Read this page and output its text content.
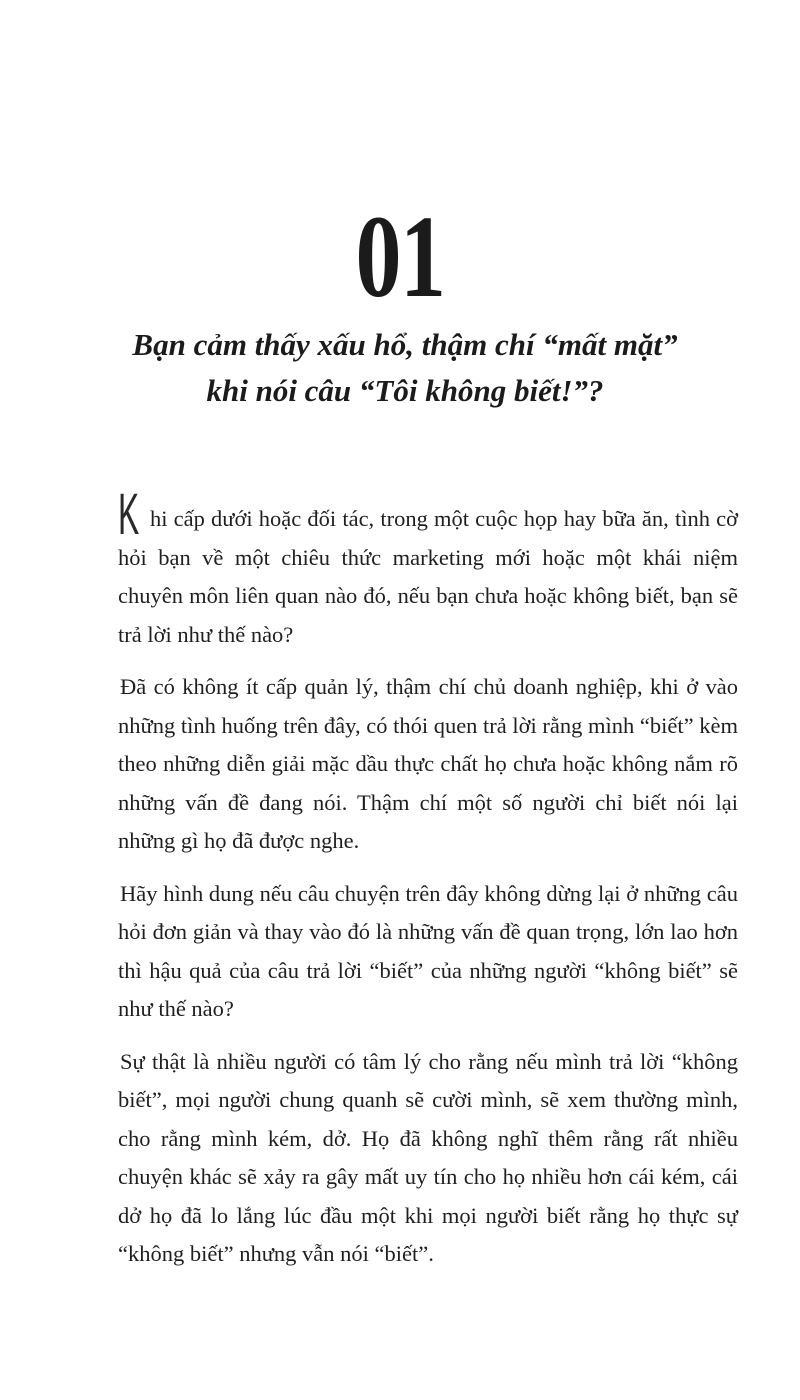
01
Bạn cảm thấy xấu hổ, thậm chí “mất mặt”
khi nói câu “Tôi không biết!”?

Khi cấp dưới hoặc đối tác, trong một cuộc họp hay bữa ăn, tình cờ hỏi bạn về một chiêu thức marketing mới hoặc một khái niệm chuyên môn liên quan nào đó, nếu bạn chưa hoặc không biết, bạn sẽ trả lời như thế nào?

Đã có không ít cấp quản lý, thậm chí chủ doanh nghiệp, khi ở vào những tình huống trên đây, có thói quen trả lời rằng mình “biết” kèm theo những diễn giải mặc dầu thực chất họ chưa hoặc không nắm rõ những vấn đề đang nói. Thậm chí một số người chỉ biết nói lại những gì họ đã được nghe.

Hãy hình dung nếu câu chuyện trên đây không dừng lại ở những câu hỏi đơn giản và thay vào đó là những vấn đề quan trọng, lớn lao hơn thì hậu quả của câu trả lời “biết” của những người “không biết” sẽ như thế nào?

Sự thật là nhiều người có tâm lý cho rằng nếu mình trả lời “không biết”, mọi người chung quanh sẽ cười mình, sẽ xem thường mình, cho rằng mình kém, dở. Họ đã không nghĩ thêm rằng rất nhiều chuyện khác sẽ xảy ra gây mất uy tín cho họ nhiều hơn cái kém, cái dở họ đã lo lắng lúc đầu một khi mọi người biết rằng họ thực sự “không biết” nhưng vẫn nói “biết”.
